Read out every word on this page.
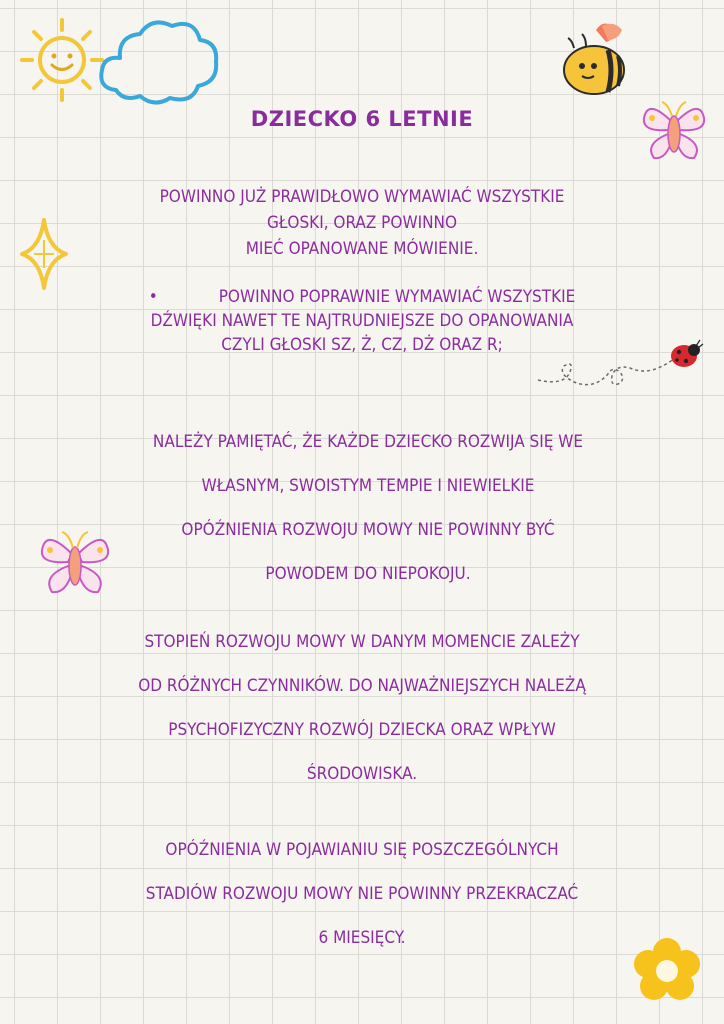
DZIECKO 6 LETNIE

POWINNO JUŻ PRAWIDŁOWO WYMAWIAĆ WSZYSTKIE
GŁOSKI, ORAZ POWINNO
MIEĆ OPANOWANE MÓWIENIE.

•	POWINNO POPRAWNIE WYMAWIAĆ WSZYSTKIE
DŹWIĘKI NAWET TE NAJTRUDNIEJSZE DO OPANOWANIA
CZYLI GŁOSKI SZ, Ż, CZ, DŻ ORAZ R;

NALEŻY PAMIĘTAĆ, ŻE KAŻDE DZIECKO ROZWIJA SIĘ WE
WŁASNYM, SWOISTYM TEMPIE I NIEWIELKIE
OPÓŹNIENIA ROZWOJU MOWY NIE POWINNY BYĆ
POWODEM DO NIEPOKOJU.

STOPIEŃ ROZWOJU MOWY W DANYM MOMENCIE ZALEŻY
OD RÓŻNYCH CZYNNIKÓW. DO NAJWAŻNIEJSZYCH NALEŻĄ
PSYCHOFIZYCZNY ROZWÓJ DZIECKA ORAZ WPŁYW
ŚRODOWISKA.

OPÓŹNIENIA W POJAWIANIU SIĘ POSZCZEGÓLNYCH
STADIÓW ROZWOJU MOWY NIE POWINNY PRZEKRACZAĆ
6 MIESIĘCY.
